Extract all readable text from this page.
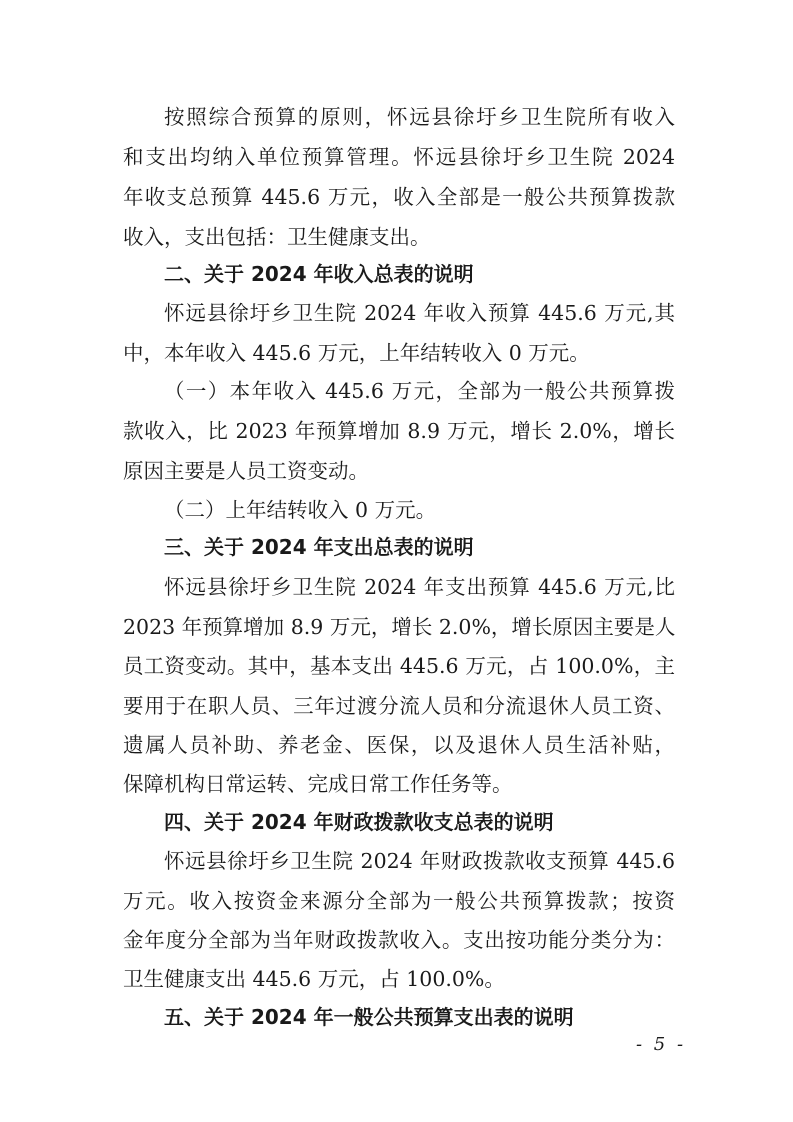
按照综合预算的原则，怀远县徐圩乡卫生院所有收入
和支出均纳入单位预算管理。怀远县徐圩乡卫生院 2024
年收支总预算 445.6 万元，收入全部是一般公共预算拨款
收入，支出包括：卫生健康支出。
二、关于 2024 年收入总表的说明
怀远县徐圩乡卫生院 2024 年收入预算 445.6 万元,其
中，本年收入 445.6 万元，上年结转收入 0 万元。
（一）本年收入 445.6 万元，全部为一般公共预算拨
款收入，比 2023 年预算增加 8.9 万元，增长 2.0%，增长
原因主要是人员工资变动。
（二）上年结转收入 0 万元。
三、关于 2024 年支出总表的说明
怀远县徐圩乡卫生院 2024 年支出预算 445.6 万元,比
2023 年预算增加 8.9 万元，增长 2.0%，增长原因主要是人
员工资变动。其中，基本支出 445.6 万元，占 100.0%，主
要用于在职人员、三年过渡分流人员和分流退休人员工资、
遗属人员补助、养老金、医保，以及退休人员生活补贴，
保障机构日常运转、完成日常工作任务等。
四、关于 2024 年财政拨款收支总表的说明
怀远县徐圩乡卫生院 2024 年财政拨款收支预算 445.6
万元。收入按资金来源分全部为一般公共预算拨款；按资
金年度分全部为当年财政拨款收入。支出按功能分类分为：
卫生健康支出 445.6 万元，占 100.0%。
五、关于 2024 年一般公共预算支出表的说明
- 5 -
